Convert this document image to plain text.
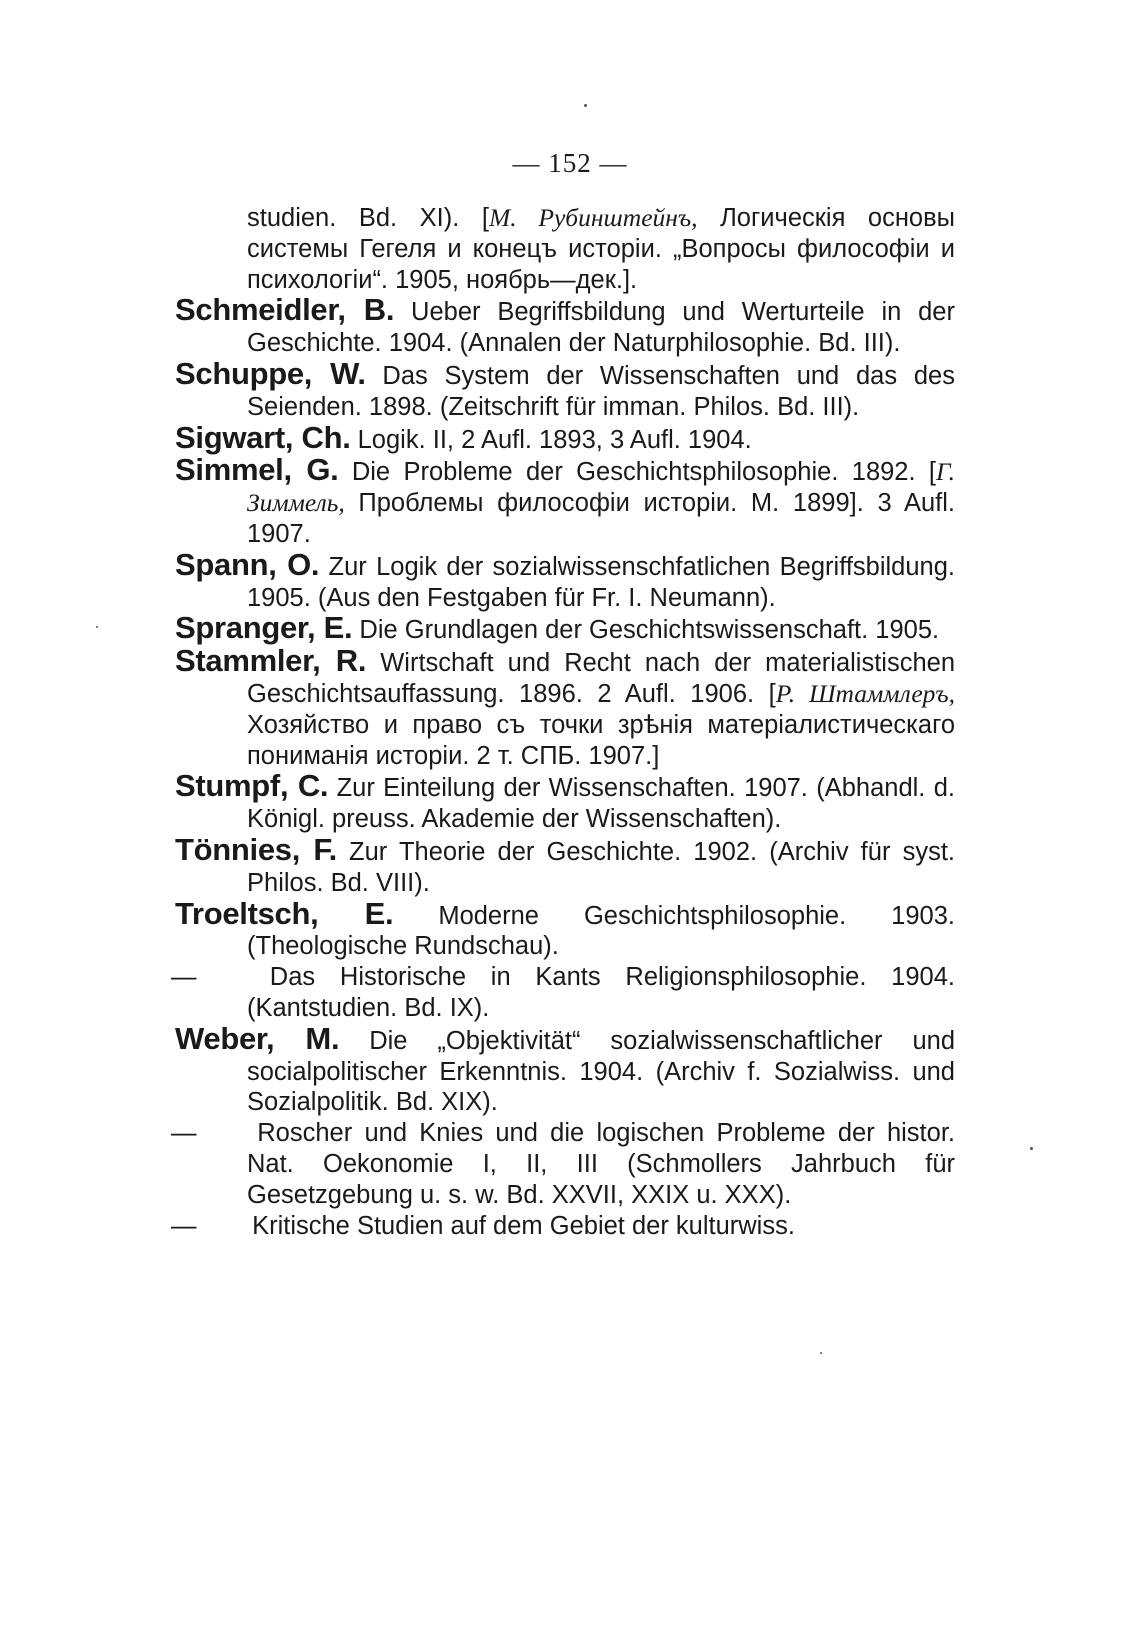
— 152 —
studien. Bd. XI). [М. Рубинштейнъ, Логическія основы системы Гегеля и конецъ исторіи. „Вопросы философіи и психологіи“. 1905, ноябрь—дек.].
Schmeidler, B. Ueber Begriffsbildung und Werturteile in der Geschichte. 1904. (Annalen der Naturphilosophie. Bd. III).
Schuppe, W. Das System der Wissenschaften und das des Seienden. 1898. (Zeitschrift für imman. Philos. Bd. III).
Sigwart, Ch. Logik. II, 2 Aufl. 1893, 3 Aufl. 1904.
Simmel, G. Die Probleme der Geschichtsphilosophie. 1892. [Г. Зиммель, Проблемы философіи исторіи. М. 1899]. 3 Aufl. 1907.
Spann, O. Zur Logik der sozialwissenschfatlichen Begriffsbildung. 1905. (Aus den Festgaben für Fr. I. Neumann).
Spranger, E. Die Grundlagen der Geschichtswissenschaft. 1905.
Stammler, R. Wirtschaft und Recht nach der materialistischen Geschichtsauffassung. 1896. 2 Aufl. 1906. [Р. Штаммлеръ, Хозяйство и право съ точки зрѣнія матеріалистическаго пониманія исторіи. 2 т. СПБ. 1907.]
Stumpf, C. Zur Einteilung der Wissenschaften. 1907. (Abhandl. d. Königl. preuss. Akademie der Wissenschaften).
Tönnies, F. Zur Theorie der Geschichte. 1902. (Archiv für syst. Philos. Bd. VIII).
Troeltsch, E. Moderne Geschichtsphilosophie. 1903. (Theologische Rundschau).
— Das Historische in Kants Religionsphilosophie. 1904. (Kantstudien. Bd. IX).
Weber, M. Die „Objektivität“ sozialwissenschaftlicher und socialpolitischer Erkenntnis. 1904. (Archiv f. Sozialwiss. und Sozialpolitik. Bd. XIX).
— Roscher und Knies und die logischen Probleme der histor. Nat. Oekonomie I, II, III (Schmollers Jahrbuch für Gesetzgebung u. s. w. Bd. XXVII, XXIX u. XXX).
— Kritische Studien auf dem Gebiet der kulturwiss.
